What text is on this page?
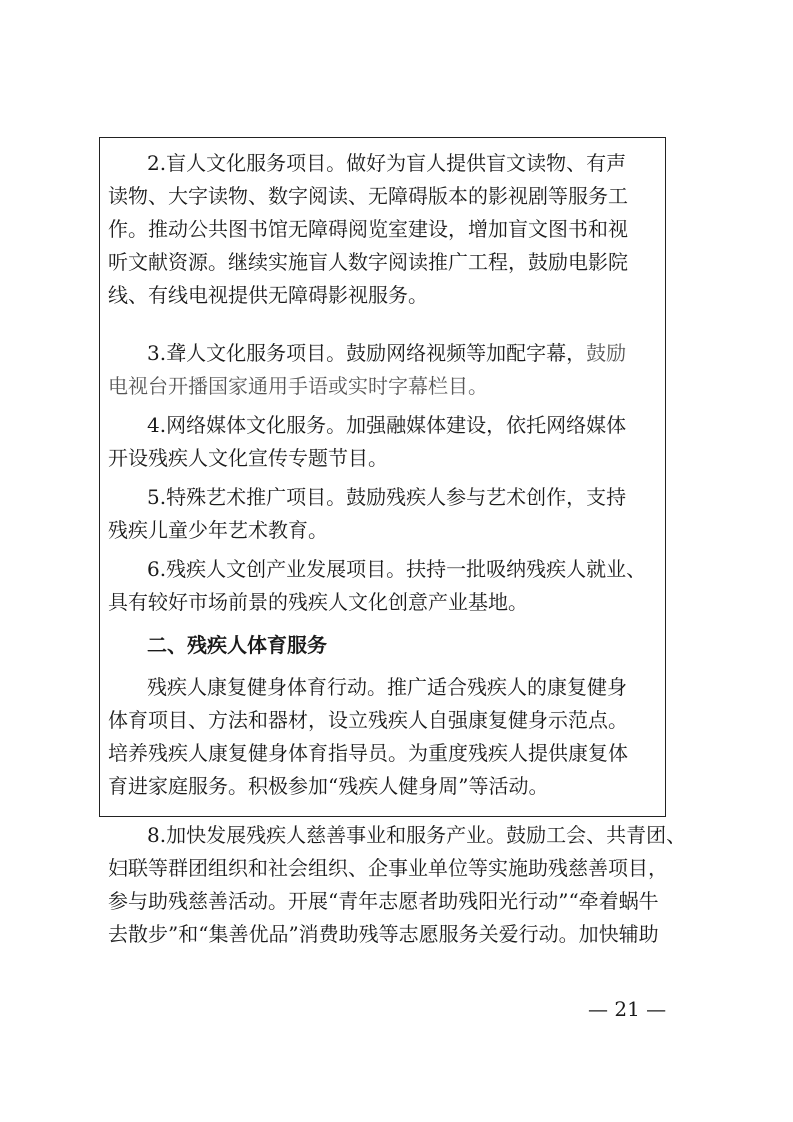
2.盲人文化服务项目。做好为盲人提供盲文读物、有声
读物、大字读物、数字阅读、无障碍版本的影视剧等服务工
作。推动公共图书馆无障碍阅览室建设，增加盲文图书和视
听文献资源。继续实施盲人数字阅读推广工程，鼓励电影院
线、有线电视提供无障碍影视服务。
3.聋人文化服务项目。鼓励网络视频等加配字幕，鼓励
电视台开播国家通用手语或实时字幕栏目。
4.网络媒体文化服务。加强融媒体建设，依托网络媒体
开设残疾人文化宣传专题节目。
5.特殊艺术推广项目。鼓励残疾人参与艺术创作，支持
残疾儿童少年艺术教育。
6.残疾人文创产业发展项目。扶持一批吸纳残疾人就业、
具有较好市场前景的残疾人文化创意产业基地。
二、残疾人体育服务
残疾人康复健身体育行动。推广适合残疾人的康复健身
体育项目、方法和器材，设立残疾人自强康复健身示范点。
培养残疾人康复健身体育指导员。为重度残疾人提供康复体
育进家庭服务。积极参加“残疾人健身周”等活动。
8.加快发展残疾人慈善事业和服务产业。鼓励工会、共青团、
妇联等群团组织和社会组织、企事业单位等实施助残慈善项目，
参与助残慈善活动。开展“青年志愿者助残阳光行动”“牵着蜗牛
去散步”和“集善优品”消费助残等志愿服务关爱行动。加快辅助
— 21 —
